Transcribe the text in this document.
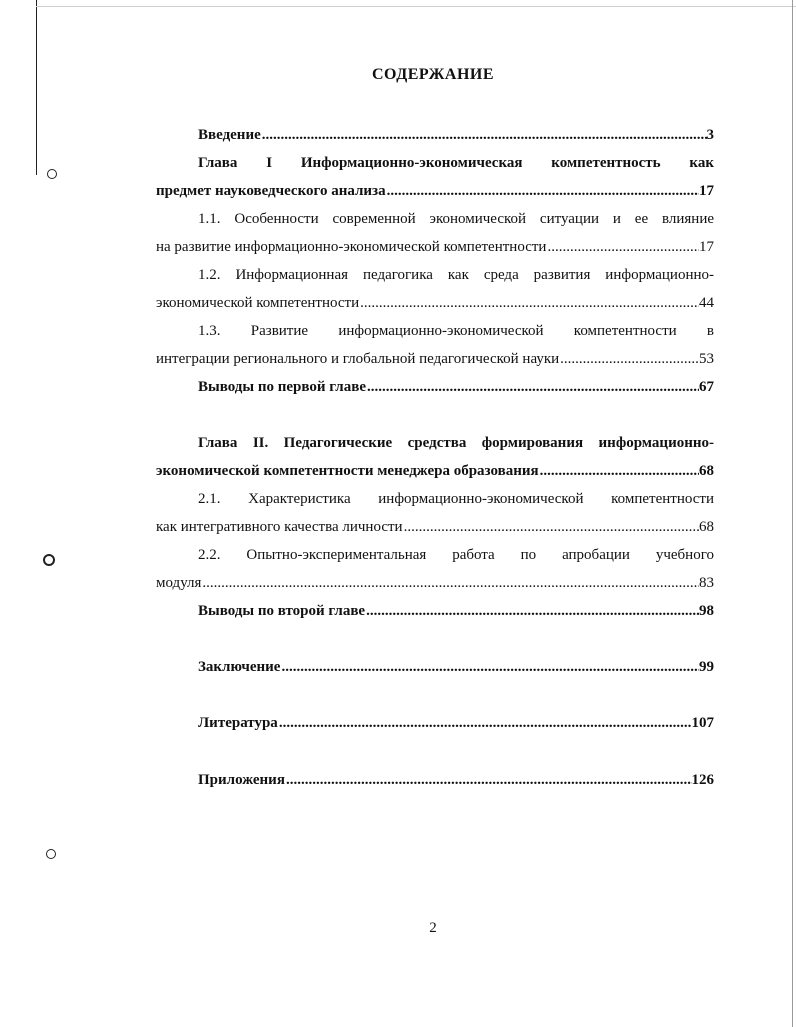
СОДЕРЖАНИЕ
Введение .....	3
Глава I Информационно-экономическая компетентность как
предмет науковедческого анализа .....	17
1.1. Особенности современной экономической ситуации и ее влияние
на развитие информационно-экономической компетентности .....	17
1.2. Информационная педагогика как среда развития информационно-
экономической компетентности .....	44
1.3. Развитие информационно-экономической компетентности в
интеграции регионального и глобальной педагогической науки .....	53
Выводы по первой главе .....	67
Глава II. Педагогические средства формирования информационно-
экономической компетентности менеджера образования .....	68
2.1. Характеристика информационно-экономической компетентности
как интегративного качества личности .....	68
2.2. Опытно-экспериментальная работа по апробации учебного
модуля .....	83
Выводы по второй главе .....	98
Заключение .....	99
Литература .....	107
Приложения .....	126
2
